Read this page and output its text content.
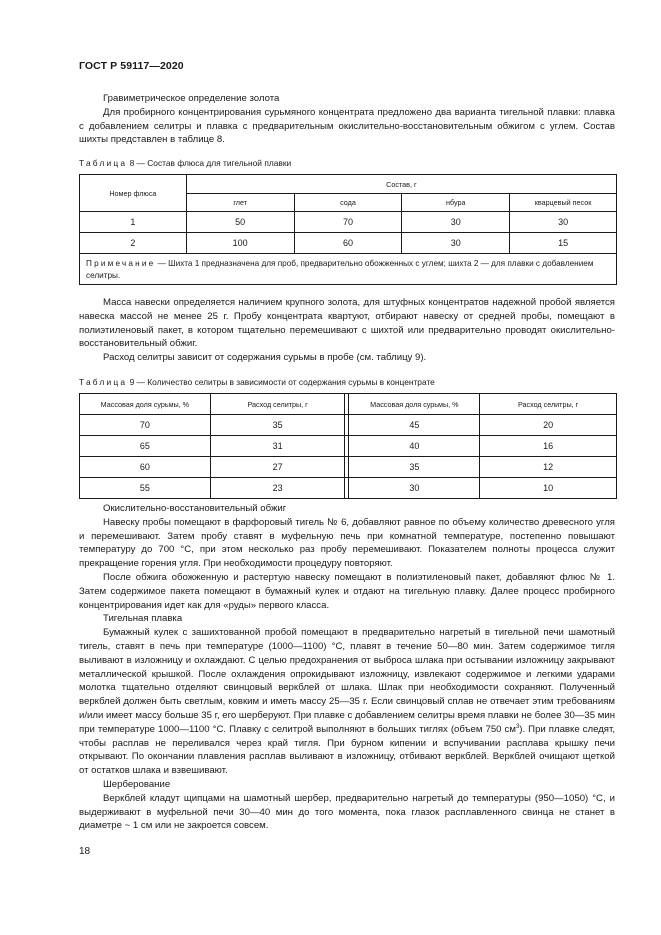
ГОСТ Р 59117—2020

Гравиметрическое определение золота

Для пробирного концентрирования сурьмяного концентрата предложено два варианта тигельной плавки: плавка с добавлением селитры и плавка с предварительным окислительно-восстановительным обжигом с углем. Состав шихты представлен в таблице 8.

Таблица 8 — Состав флюса для тигельной плавки
Номер флюса	Состав, г			
	глет	сода	нбура	кварцевый песок
1	50	70	30	30
2	100	60	30	15
Примечание — Шихта 1 предназначена для проб, предварительно обожженных с углем; шихта 2 — для плавки с добавлением селитры.				

Масса навески определяется наличием крупного золота, для штуфных концентратов надежной пробой является навеска массой не менее 25 г. Пробу концентрата квартуют, отбирают навеску от средней пробы, помещают в полиэтиленовый пакет, в котором тщательно перемешивают с шихтой или предварительно проводят окислительно-восстановительный обжиг.

Расход селитры зависит от содержания сурьмы в пробе (см. таблицу 9).

Таблица 9 — Количество селитры в зависимости от содержания сурьмы в концентрате
Массовая доля сурьмы, %	Расход селитры, г		Массовая доля сурьмы, %	Расход селитры, г
70	35		45	20
65	31		40	16
60	27		35	12
55	23		30	10

Окислительно-восстановительный обжиг

Навеску пробы помещают в фарфоровый тигель № 6, добавляют равное по объему количество древесного угля и перемешивают. Затем пробу ставят в муфельную печь при комнатной температуре, постепенно повышают температуру до 700 °С, при этом несколько раз пробу перемешивают. Показателем полноты процесса служит прекращение горения угля. При необходимости процедуру повторяют.

После обжига обожженную и растертую навеску помещают в полиэтиленовый пакет, добавляют флюс № 1. Затем содержимое пакета помещают в бумажный кулек и отдают на тигельную плавку. Далее процесс пробирного концентрирования идет как для «руды» первого класса.

Тигельная плавка

Бумажный кулек с зашихтованной пробой помещают в предварительно нагретый в тигельной печи шамотный тигель, ставят в печь при температуре (1000—1100) °С, плавят в течение 50—80 мин. Затем содержимое тигля выливают в изложницу и охлаждают. С целью предохранения от выброса шлака при остывании изложницу закрывают металлической крышкой. После охлаждения опрокидывают изложницу, извлекают содержимое и легкими ударами молотка тщательно отделяют свинцовый веркблей от шлака. Шлак при необходимости сохраняют. Полученный веркблей должен быть светлым, ковким и иметь массу 25—35 г. Если свинцовый сплав не отвечает этим требованиям и/или имеет массу больше 35 г, его шерберуют. При плавке с добавлением селитры время плавки не более 30—35 мин при температуре 1000—1100 °С. Плавку с селитрой выполняют в больших тиглях (объем 750 $см^3$). При плавке следят, чтобы расплав не переливался через край тигля. При бурном кипении и вспучивании расплава крышку печи открывают. По окончании плавления расплав выливают в изложницу, отбивают веркблей. Веркблей очищают щеткой от остатков шлака и взвешивают.

Шерберование

Веркблей кладут щипцами на шамотный шербер, предварительно нагретый до температуры (950—1050) °С, и выдерживают в муфельной печи 30—40 мин до того момента, пока глазок расплавленного свинца не станет в диаметре ~ 1 см или не закроется совсем.

18
